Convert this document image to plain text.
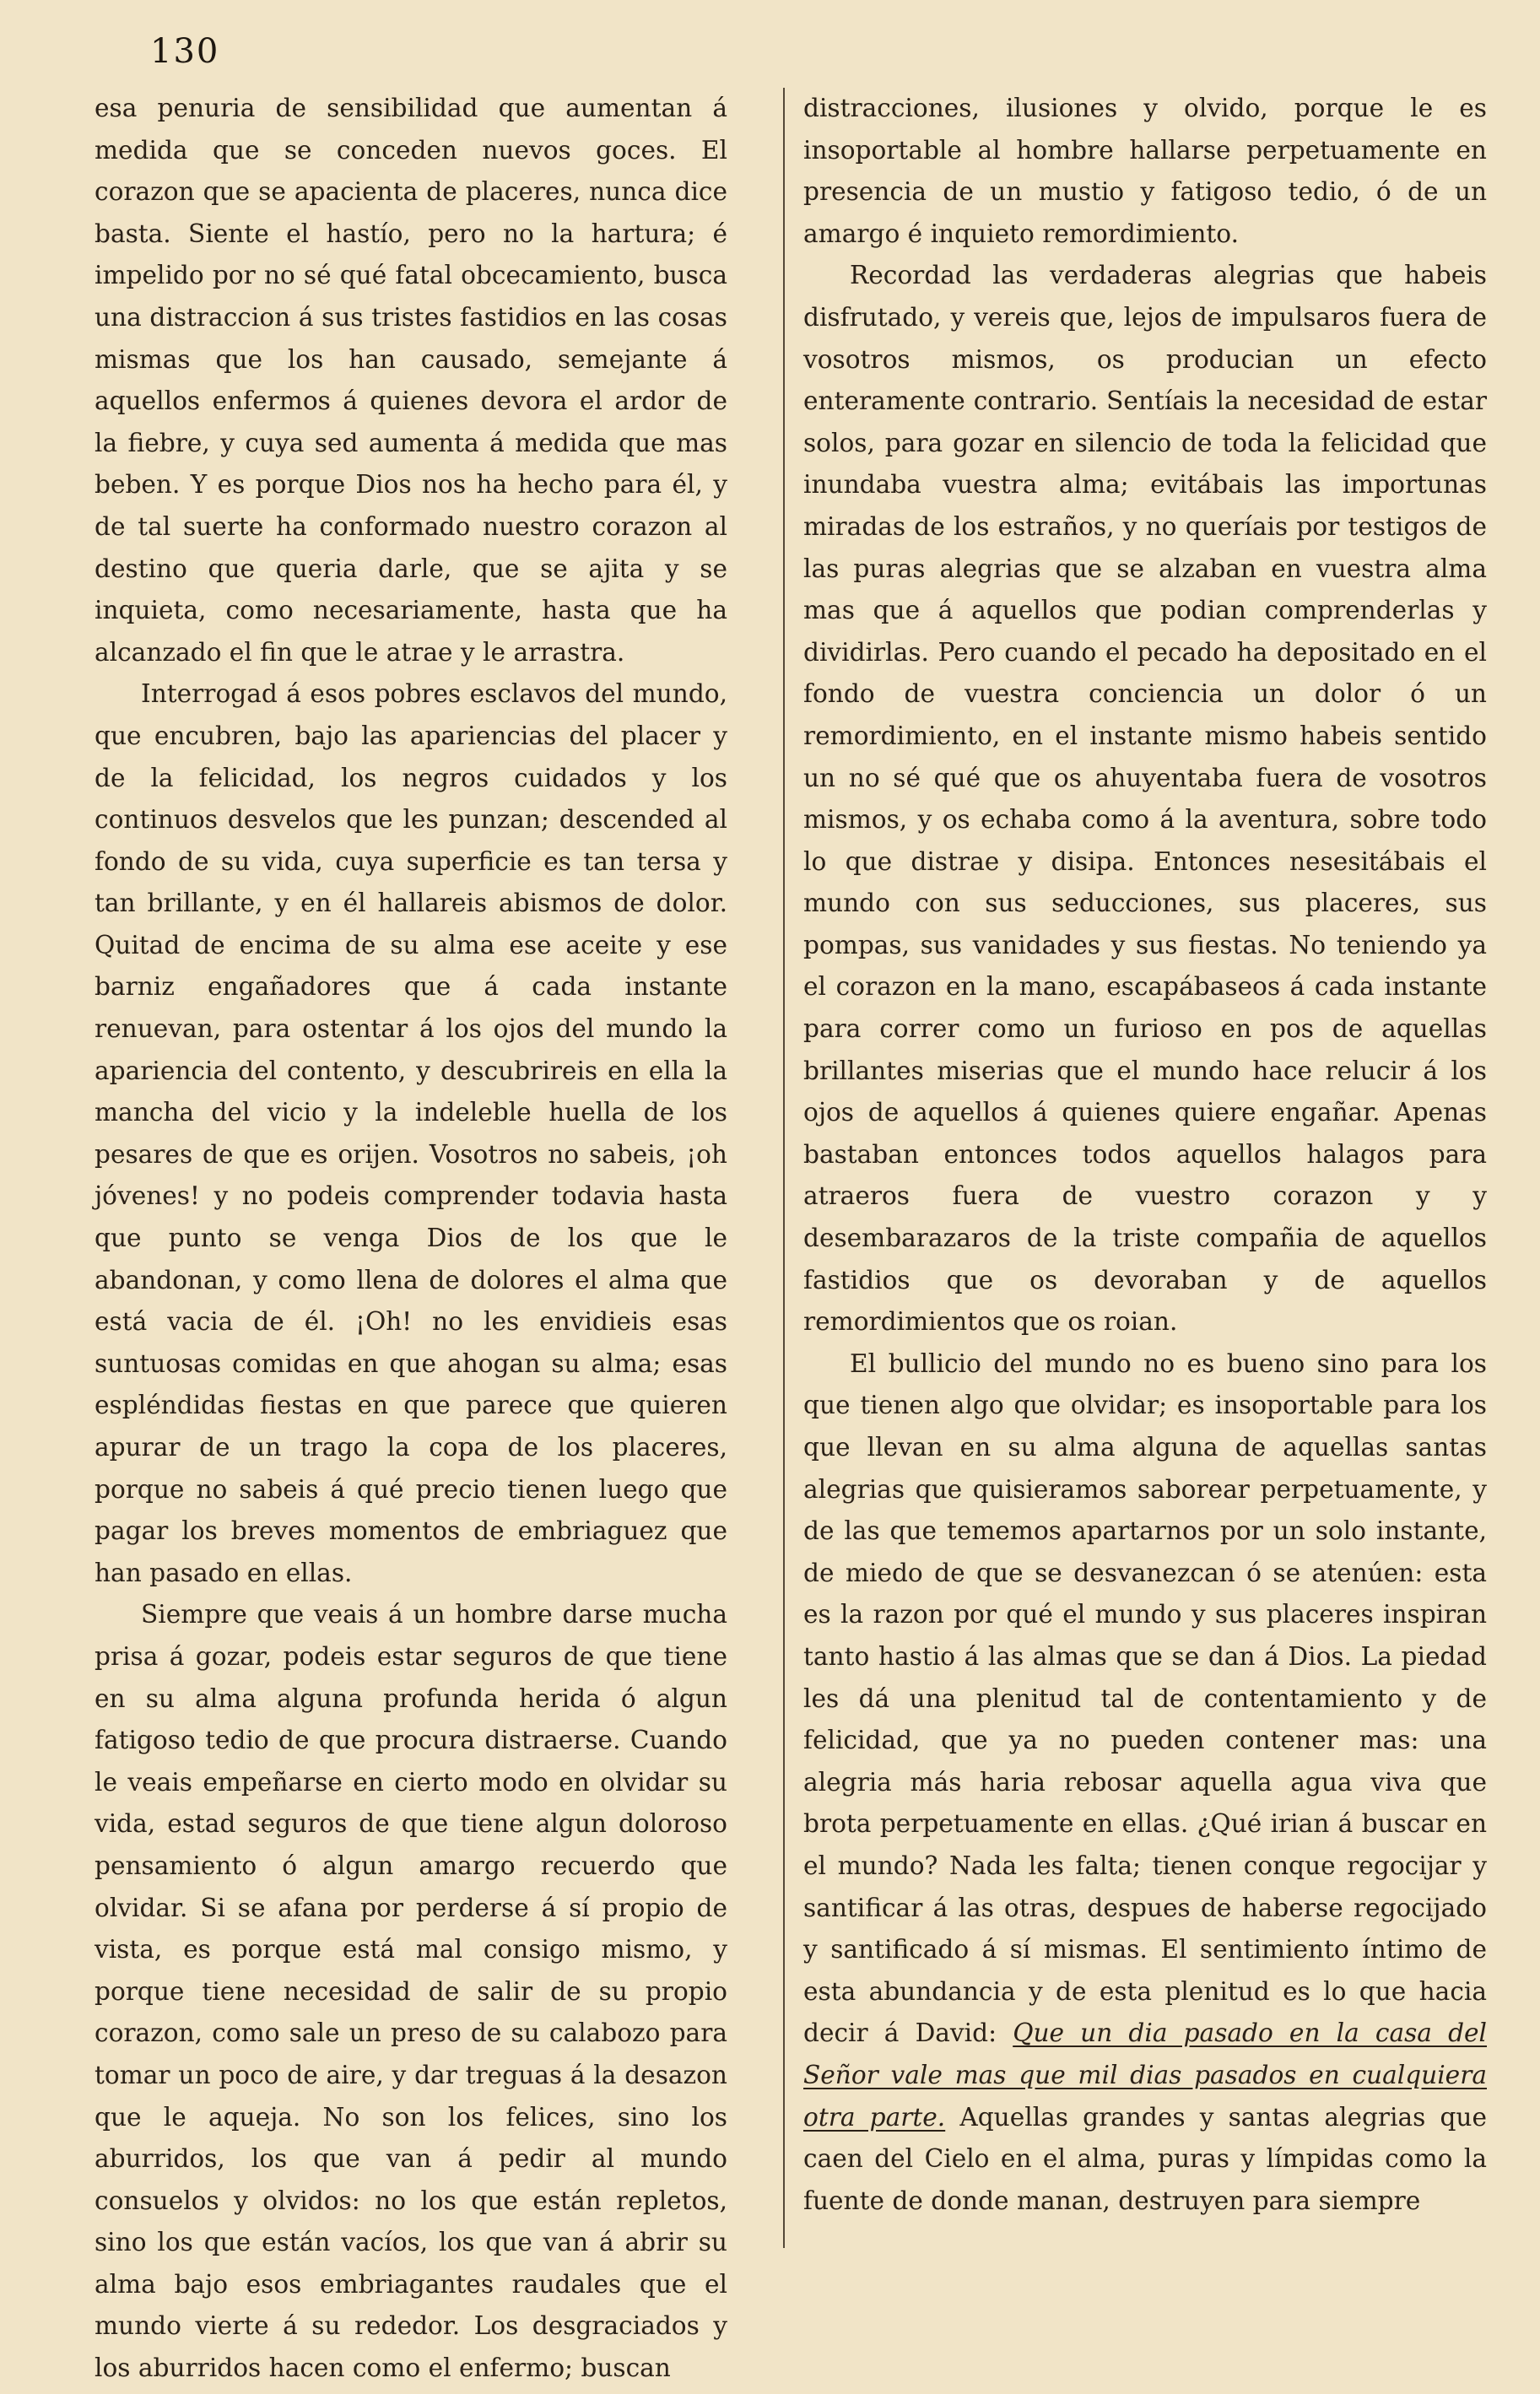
130

esa penuria de sensibilidad que aumentan á medida que se conceden nuevos goces. El corazon que se apacienta de placeres, nunca dice basta. Siente el hastío, pero no la hartura; é impelido por no sé qué fatal obcecamiento, busca una distraccion á sus tristes fastidios en las cosas mismas que los han causado, semejante á aquellos enfermos á quienes devora el ardor de la fiebre, y cuya sed aumenta á medida que mas beben. Y es porque Dios nos ha hecho para él, y de tal suerte ha conformado nuestro corazon al destino que queria darle, que se ajita y se inquieta, como necesariamente, hasta que ha alcanzado el fin que le atrae y le arrastra.

Interrogad á esos pobres esclavos del mundo, que encubren, bajo las apariencias del placer y de la felicidad, los negros cuidados y los continuos desvelos que les punzan; descended al fondo de su vida, cuya superficie es tan tersa y tan brillante, y en él hallareis abismos de dolor. Quitad de encima de su alma ese aceite y ese barniz engañadores que á cada instante renuevan, para ostentar á los ojos del mundo la apariencia del contento, y descubrireis en ella la mancha del vicio y la indeleble huella de los pesares de que es orijen. Vosotros no sabeis, ¡oh jóvenes! y no podeis comprender todavia hasta que punto se venga Dios de los que le abandonan, y como llena de dolores el alma que está vacia de él. ¡Oh! no les envidieis esas suntuosas comidas en que ahogan su alma; esas espléndidas fiestas en que parece que quieren apurar de un trago la copa de los placeres, porque no sabeis á qué precio tienen luego que pagar los breves momentos de embriaguez que han pasado en ellas.

Siempre que veais á un hombre darse mucha prisa á gozar, podeis estar seguros de que tiene en su alma alguna profunda herida ó algun fatigoso tedio de que procura distraerse. Cuando le veais empeñarse en cierto modo en olvidar su vida, estad seguros de que tiene algun doloroso pensamiento ó algun amargo recuerdo que olvidar. Si se afana por perderse á sí propio de vista, es porque está mal consigo mismo, y porque tiene necesidad de salir de su propio corazon, como sale un preso de su calabozo para tomar un poco de aire, y dar treguas á la desazon que le aqueja. No son los felices, sino los aburridos, los que van á pedir al mundo consuelos y olvidos: no los que están repletos, sino los que están vacíos, los que van á abrir su alma bajo esos embriagantes raudales que el mundo vierte á su rededor. Los desgraciados y los aburridos hacen como el enfermo; buscan

distracciones, ilusiones y olvido, porque le es insoportable al hombre hallarse perpetuamente en presencia de un mustio y fatigoso tedio, ó de un amargo é inquieto remordimiento.

Recordad las verdaderas alegrias que habeis disfrutado, y vereis que, lejos de impulsaros fuera de vosotros mismos, os producian un efecto enteramente contrario. Sentíais la necesidad de estar solos, para gozar en silencio de toda la felicidad que inundaba vuestra alma; evitábais las importunas miradas de los estraños, y no queríais por testigos de las puras alegrias que se alzaban en vuestra alma mas que á aquellos que podian comprenderlas y dividirlas. Pero cuando el pecado ha depositado en el fondo de vuestra conciencia un dolor ó un remordimiento, en el instante mismo habeis sentido un no sé qué que os ahuyentaba fuera de vosotros mismos, y os echaba como á la aventura, sobre todo lo que distrae y disipa. Entonces nesesitábais el mundo con sus seducciones, sus placeres, sus pompas, sus vanidades y sus fiestas. No teniendo ya el corazon en la mano, escapábaseos á cada instante para correr como un furioso en pos de aquellas brillantes miserias que el mundo hace relucir á los ojos de aquellos á quienes quiere engañar. Apenas bastaban entonces todos aquellos halagos para atraeros fuera de vuestro corazon y y desembarazaros de la triste compañia de aquellos fastidios que os devoraban y de aquellos remordimientos que os roian.

El bullicio del mundo no es bueno sino para los que tienen algo que olvidar; es insoportable para los que llevan en su alma alguna de aquellas santas alegrias que quisieramos saborear perpetuamente, y de las que tememos apartarnos por un solo instante, de miedo de que se desvanezcan ó se atenúen: esta es la razon por qué el mundo y sus placeres inspiran tanto hastio á las almas que se dan á Dios. La piedad les dá una plenitud tal de contentamiento y de felicidad, que ya no pueden contener mas: una alegria más haria rebosar aquella agua viva que brota perpetuamente en ellas. ¿Qué irian á buscar en el mundo? Nada les falta; tienen conque regocijar y santificar á las otras, despues de haberse regocijado y santificado á sí mismas. El sentimiento íntimo de esta abundancia y de esta plenitud es lo que hacia decir á David: Que un dia pasado en la casa del Señor vale mas que mil dias pasados en cualquiera otra parte. Aquellas grandes y santas alegrias que caen del Cielo en el alma, puras y límpidas como la fuente de donde manan, destruyen para siempre
